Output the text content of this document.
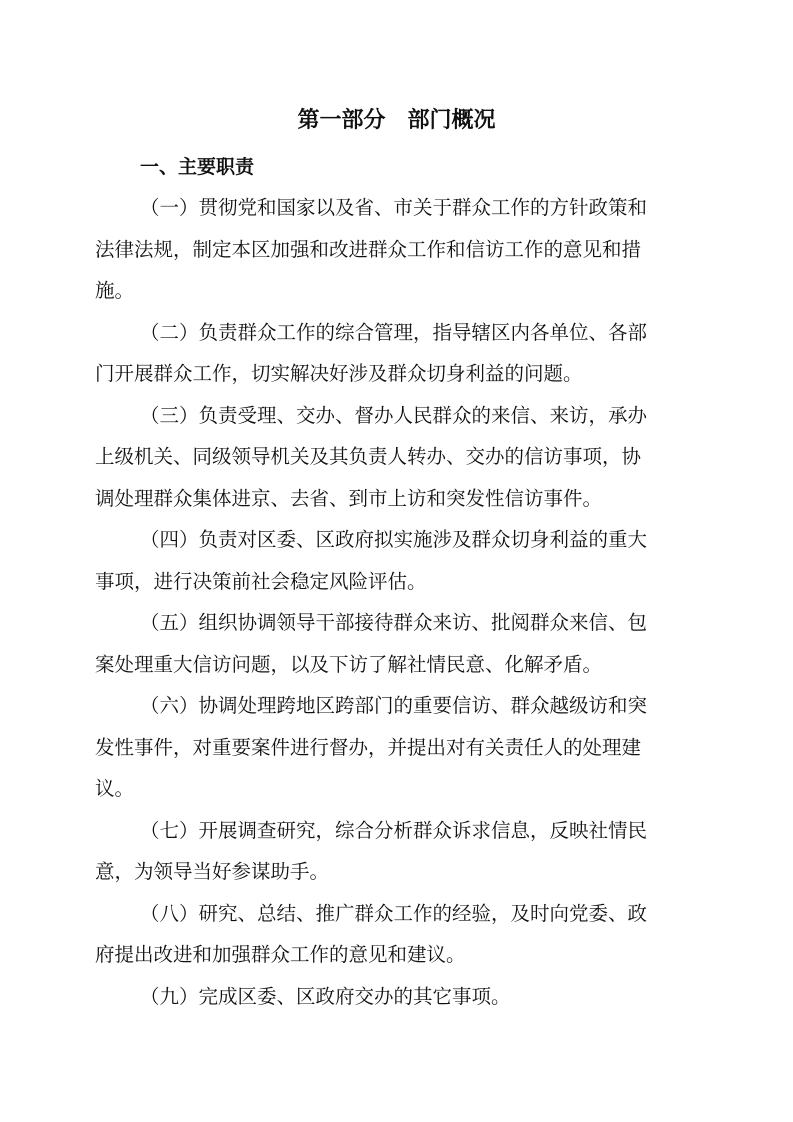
第一部分　部门概况
一、主要职责

（一）贯彻党和国家以及省、市关于群众工作的方针政策和
法律法规，制定本区加强和改进群众工作和信访工作的意见和措
施。

（二）负责群众工作的综合管理，指导辖区内各单位、各部
门开展群众工作，切实解决好涉及群众切身利益的问题。

（三）负责受理、交办、督办人民群众的来信、来访，承办
上级机关、同级领导机关及其负责人转办、交办的信访事项，协
调处理群众集体进京、去省、到市上访和突发性信访事件。

（四）负责对区委、区政府拟实施涉及群众切身利益的重大
事项，进行决策前社会稳定风险评估。

（五）组织协调领导干部接待群众来访、批阅群众来信、包
案处理重大信访问题，以及下访了解社情民意、化解矛盾。

（六）协调处理跨地区跨部门的重要信访、群众越级访和突
发性事件，对重要案件进行督办，并提出对有关责任人的处理建
议。

（七）开展调查研究，综合分析群众诉求信息，反映社情民
意，为领导当好参谋助手。

（八）研究、总结、推广群众工作的经验，及时向党委、政
府提出改进和加强群众工作的意见和建议。

（九）完成区委、区政府交办的其它事项。
